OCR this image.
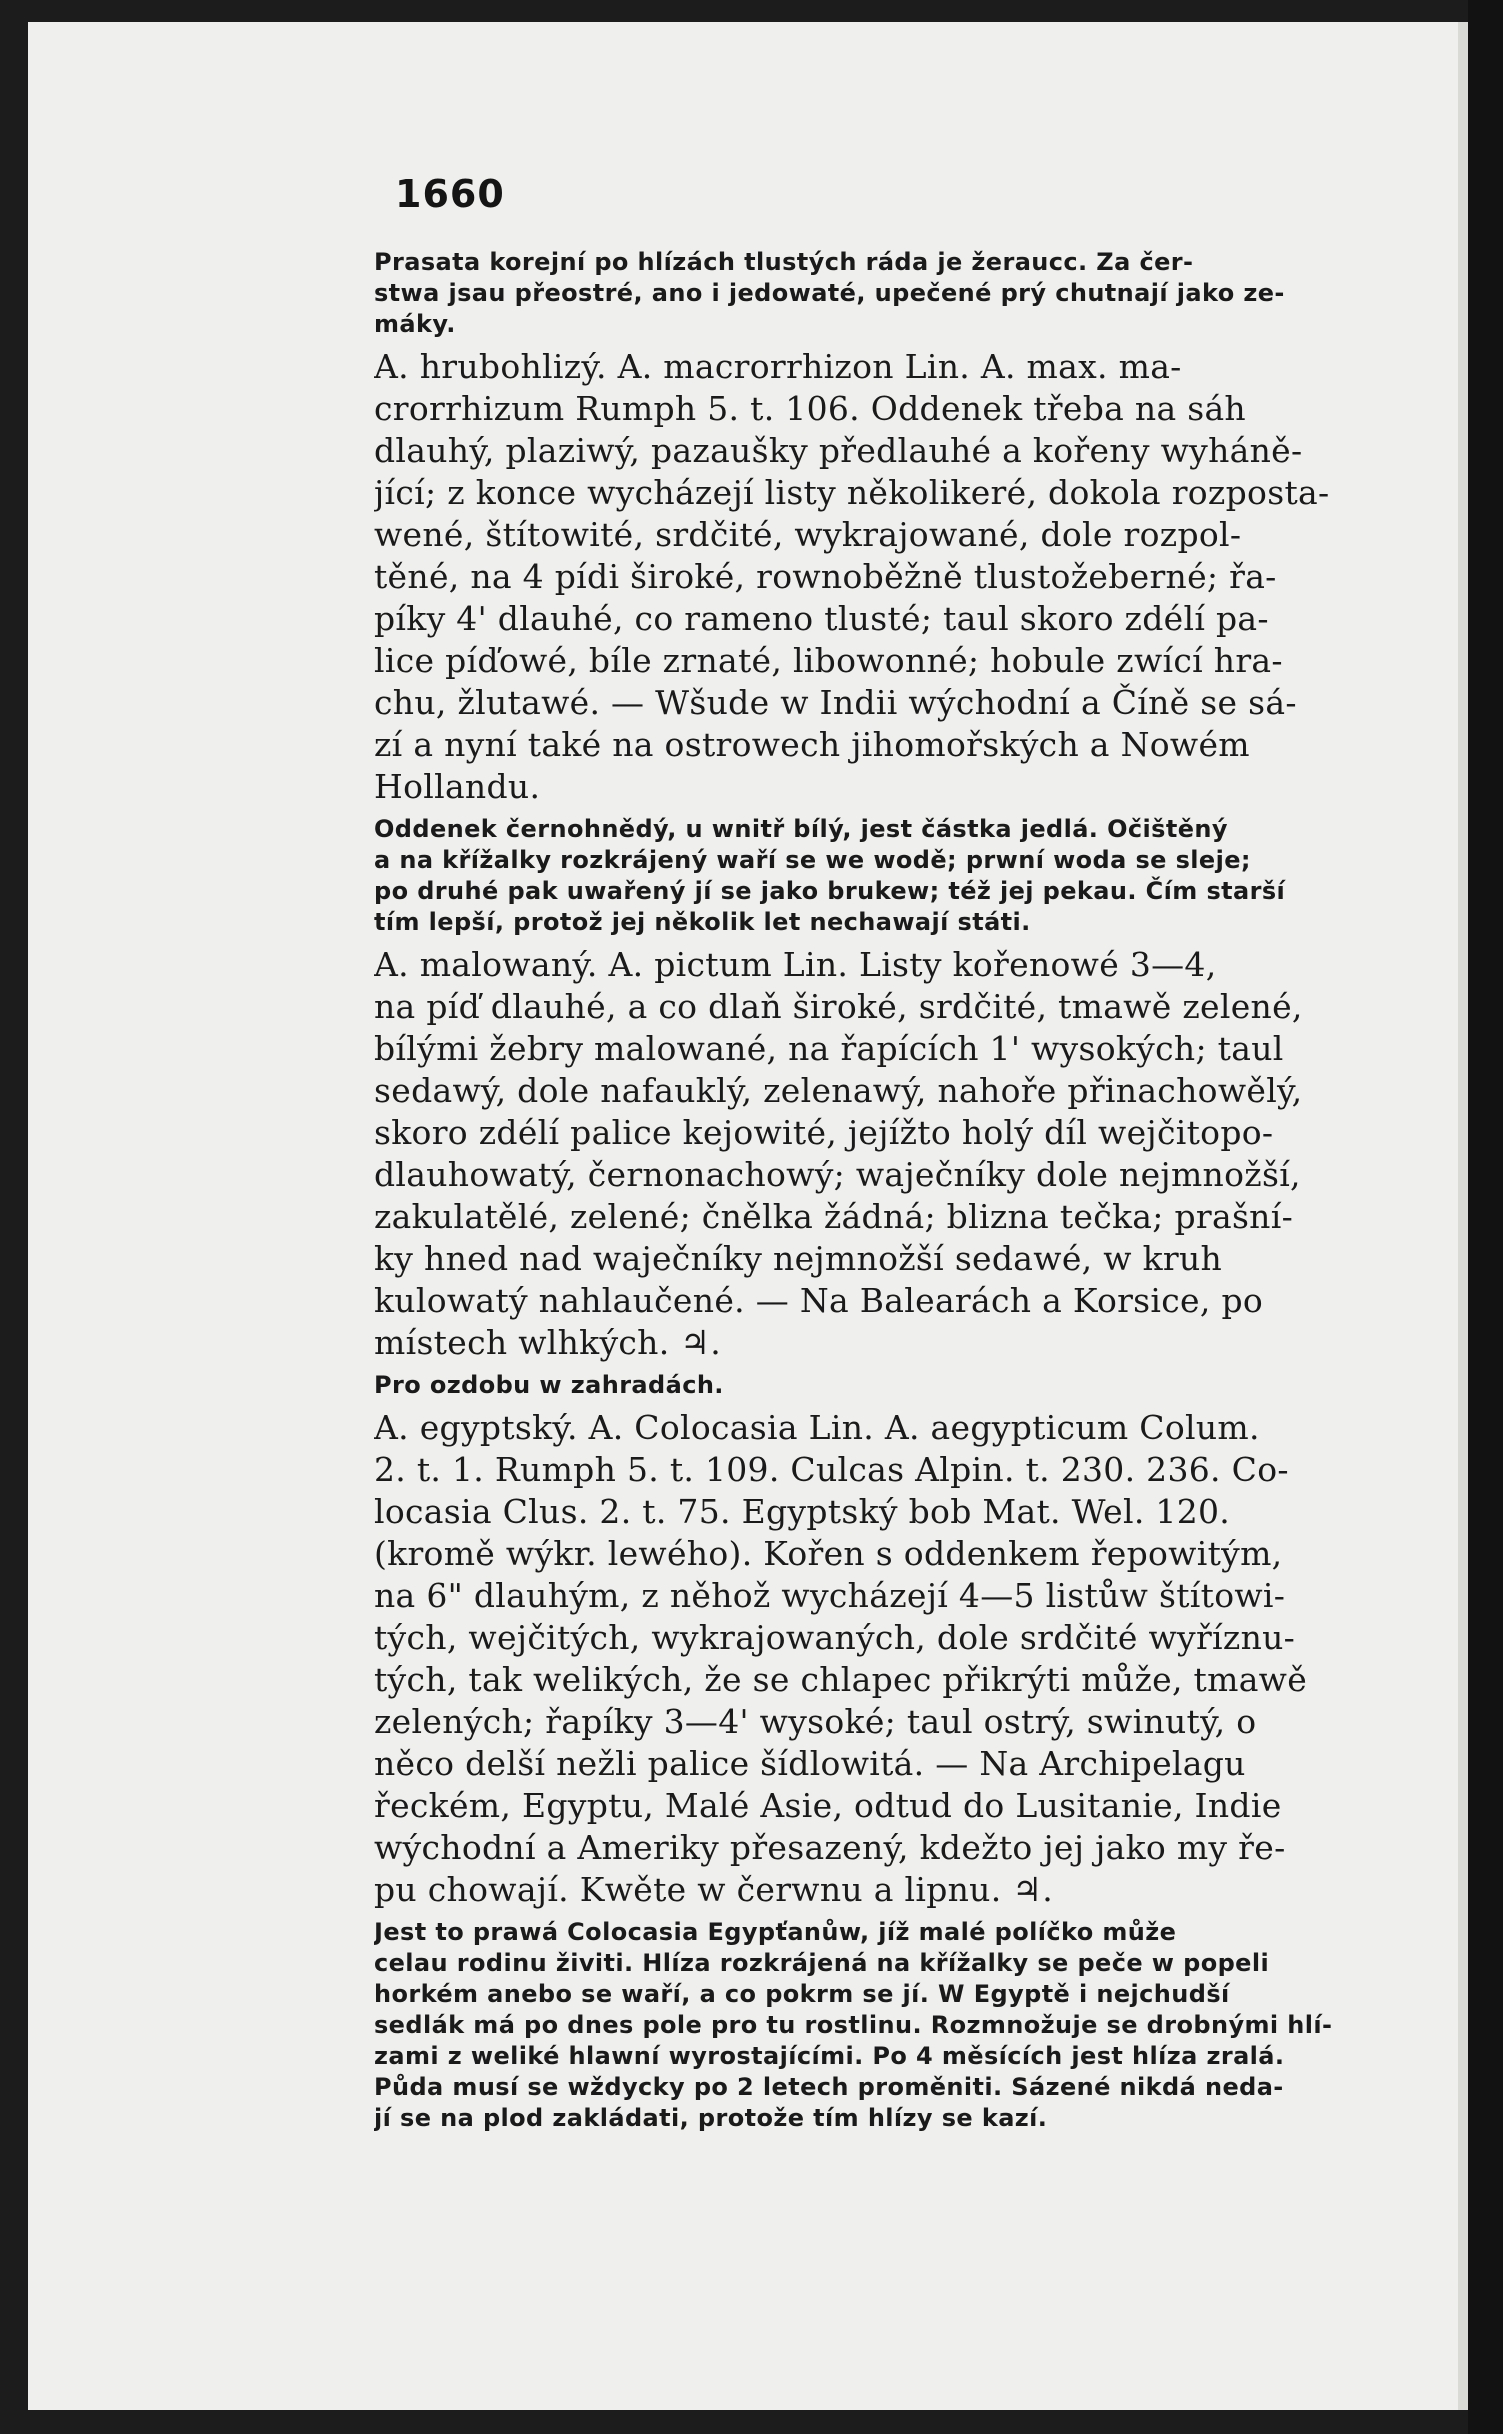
1660
Prasata korejní po hlízách tlustých ráda je žeraucc. Za čer-
stwa jsau přeostré, ano i jedowaté, upečené prý chutnají jako ze-
máky.
A. hrubohlizý. A. macrorrhizon Lin. A. max. ma-
crorrhizum Rumph 5. t. 106. Oddenek třeba na sáh
dlauhý, plaziwý, pazaušky předlauhé a kořeny wyháně-
jící; z konce wycházejí listy několikeré, dokola rozposta-
wené, štítowité, srdčité, wykrajowané, dole rozpol-
těné, na 4 pídi široké, rownoběžně tlustožeberné; řa-
píky 4' dlauhé, co rameno tlusté; taul skoro zdélí pa-
lice píďowé, bíle zrnaté, libowonné; hobule zwící hra-
chu, žlutawé. — Wšude w Indii wýchodní a Číně se sá-
zí a nyní také na ostrowech jihomořských a Nowém
Hollandu.
Oddenek černohnědý, u wnitř bílý, jest částka jedlá. Očištěný
a na křížalky rozkrájený waří se we wodě; prwní woda se sleje;
po druhé pak uwařený jí se jako brukew; též jej pekau. Čím starší
tím lepší, protož jej několik let nechawají státi.
A. malowaný. A. pictum Lin. Listy kořenowé 3—4,
na píď dlauhé, a co dlaň široké, srdčité, tmawě zelené,
bílými žebry malowané, na řapících 1' wysokých; taul
sedawý, dole nafauklý, zelenawý, nahoře přinachowělý,
skoro zdélí palice kejowité, jejížto holý díl wejčitopo-
dlauhowatý, černonachowý; waječníky dole nejmnožší,
zakulatělé, zelené; čnělka žádná; blizna tečka; prašní-
ky hned nad waječníky nejmnožší sedawé, w kruh
kulowatý nahlaučené. — Na Balearách a Korsice, po
místech wlhkých. ♃.
Pro ozdobu w zahradách.
A. egyptský. A. Colocasia Lin. A. aegypticum Colum.
2. t. 1. Rumph 5. t. 109. Culcas Alpin. t. 230. 236. Co-
locasia Clus. 2. t. 75. Egyptský bob Mat. Wel. 120.
(kromě wýkr. lewého). Kořen s oddenkem řepowitým,
na 6" dlauhým, z něhož wycházejí 4—5 listůw štítowi-
tých, wejčitých, wykrajowaných, dole srdčité wyříznu-
tých, tak welikých, že se chlapec přikrýti může, tmawě
zelených; řapíky 3—4' wysoké; taul ostrý, swinutý, o
něco delší nežli palice šídlowitá. — Na Archipelagu
řeckém, Egyptu, Malé Asie, odtud do Lusitanie, Indie
wýchodní a Ameriky přesazený, kdežto jej jako my ře-
pu chowají. Kwěte w čerwnu a lipnu. ♃.
Jest to prawá Colocasia Egypťanůw, jíž malé políčko může
celau rodinu živiti. Hlíza rozkrájená na křížalky se peče w popeli
horkém anebo se waří, a co pokrm se jí. W Egyptě i nejchudší
sedlák má po dnes pole pro tu rostlinu. Rozmnožuje se drobnými hlí-
zami z weliké hlawní wyrostajícími. Po 4 měsících jest hlíza zralá.
Půda musí se wždycky po 2 letech proměniti. Sázené nikdá neda-
jí se na plod zakládati, protože tím hlízy se kazí.
